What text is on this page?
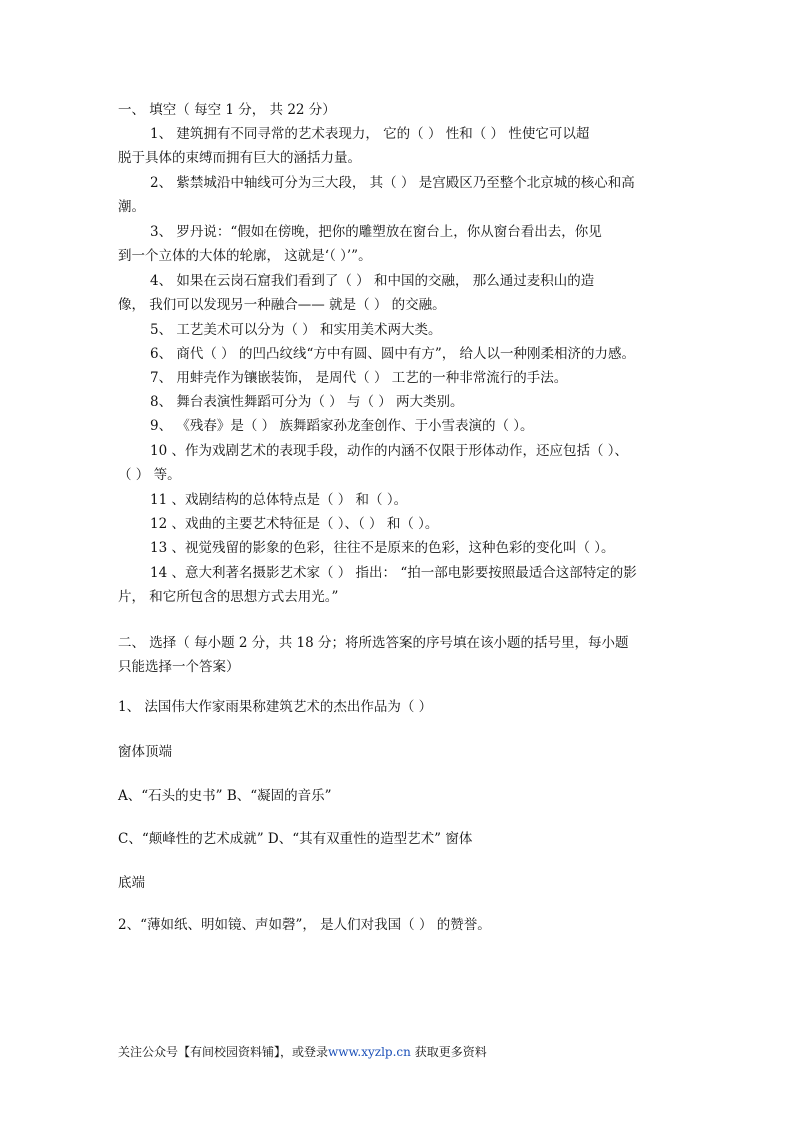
一、 填空（ 每空 1 分， 共 22 分）
1、 建筑拥有不同寻常的艺术表现力， 它的（ ） 性和（ ） 性使它可以超
脱于具体的束缚而拥有巨大的涵括力量。
2、 紫禁城沿中轴线可分为三大段， 其（ ） 是宫殿区乃至整个北京城的核心和高
潮。
3、 罗丹说：“假如在傍晚，把你的雕塑放在窗台上，你从窗台看出去，你见
到一个立体的大体的轮廓， 这就是‘（ ）’”。
4、 如果在云岗石窟我们看到了（ ） 和中国的交融， 那么通过麦积山的造
像， 我们可以发现另一种融合—— 就是（ ） 的交融。
5、 工艺美术可以分为（ ） 和实用美术两大类。
6、 商代（ ） 的凹凸纹线“方中有圆、圆中有方”， 给人以一种刚柔相济的力感。
7、 用蚌壳作为镶嵌装饰， 是周代（ ） 工艺的一种非常流行的手法。
8、 舞台表演性舞蹈可分为（ ） 与（ ） 两大类别。
9、 《残春》是（ ） 族舞蹈家孙龙奎创作、于小雪表演的（ ）。
10 、作为戏剧艺术的表现手段，动作的内涵不仅限于形体动作，还应包括（ ）、
（ ） 等。
11 、戏剧结构的总体特点是（ ） 和（ ）。
12 、戏曲的主要艺术特征是（ ）、（ ） 和（ ）。
13 、视觉残留的影象的色彩，往往不是原来的色彩，这种色彩的变化叫（ ）。
14 、意大利著名摄影艺术家（ ） 指出： “拍一部电影要按照最适合这部特定的影
片， 和它所包含的思想方式去用光。”
二、 选择（ 每小题 2 分，共 18 分；将所选答案的序号填在该小题的括号里，每小题
只能选择一个答案）
1、 法国伟大作家雨果称建筑艺术的杰出作品为（ ）
窗体顶端
A、“石头的史书” B、“凝固的音乐”
C、“颠峰性的艺术成就” D、“其有双重性的造型艺术” 窗体
底端
2、“薄如纸、明如镜、声如磬”， 是人们对我国（ ） 的赞誉。
关注公众号【有间校园资料铺】，或登录www.xyzlp.cn 获取更多资料
